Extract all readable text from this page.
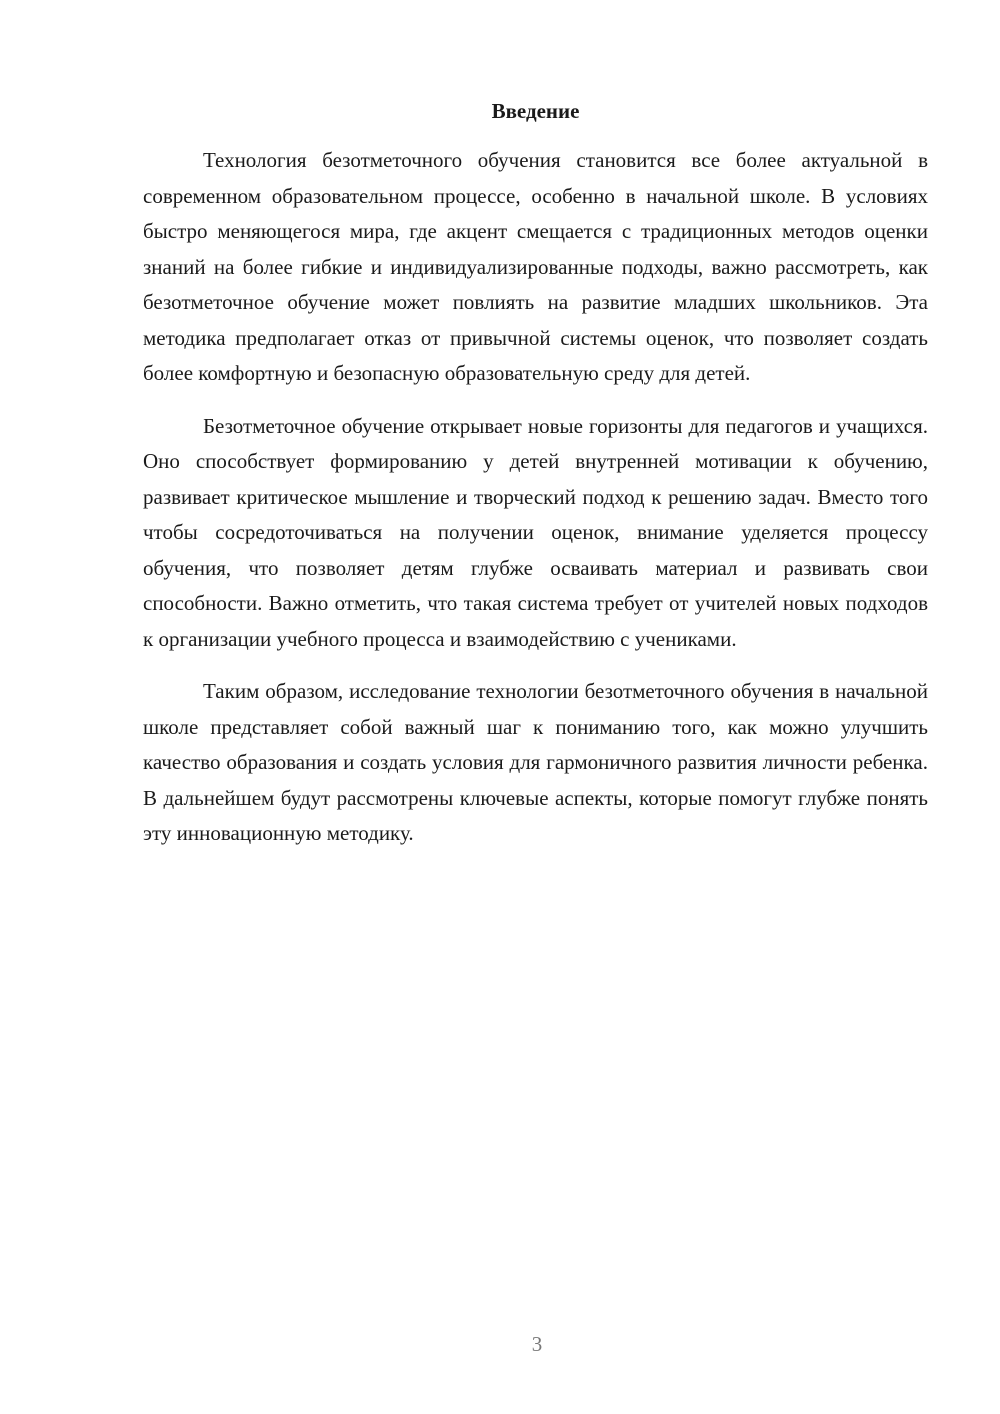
Введение

Технология безотметочного обучения становится все более актуальной в современном образовательном процессе, особенно в начальной школе. В условиях быстро меняющегося мира, где акцент смещается с традиционных методов оценки знаний на более гибкие и индивидуализированные подходы, важно рассмотреть, как безотметочное обучение может повлиять на развитие младших школьников. Эта методика предполагает отказ от привычной системы оценок, что позволяет создать более комфортную и безопасную образовательную среду для детей.

Безотметочное обучение открывает новые горизонты для педагогов и учащихся. Оно способствует формированию у детей внутренней мотивации к обучению, развивает критическое мышление и творческий подход к решению задач. Вместо того чтобы сосредоточиваться на получении оценок, внимание уделяется процессу обучения, что позволяет детям глубже осваивать материал и развивать свои способности. Важно отметить, что такая система требует от учителей новых подходов к организации учебного процесса и взаимодействию с учениками.

Таким образом, исследование технологии безотметочного обучения в начальной школе представляет собой важный шаг к пониманию того, как можно улучшить качество образования и создать условия для гармоничного развития личности ребенка. В дальнейшем будут рассмотрены ключевые аспекты, которые помогут глубже понять эту инновационную методику.

3
